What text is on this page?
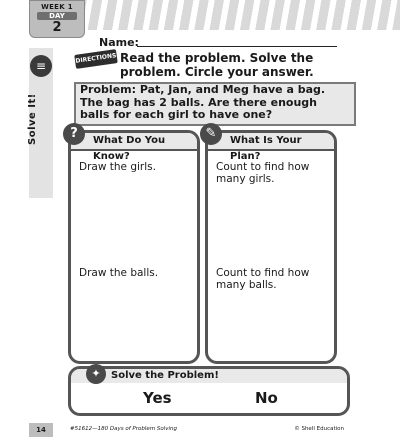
WEEK 1
DAY
2
≡
Solve It!
Name:
DIRECTIONS Read the problem. Solve the problem. Circle your answer.
Problem: Pat, Jan, and Meg have a bag. The bag has 2 balls. Are there enough balls for each girl to have one?
What Do You Know?
?
Draw the girls.
Draw the balls.
What Is Your Plan?
✎
Count to find how many girls.
Count to find how many balls.
Solve the Problem!
✦
Yes	No
14	#51612—180 Days of Problem Solving	© Shell Education
